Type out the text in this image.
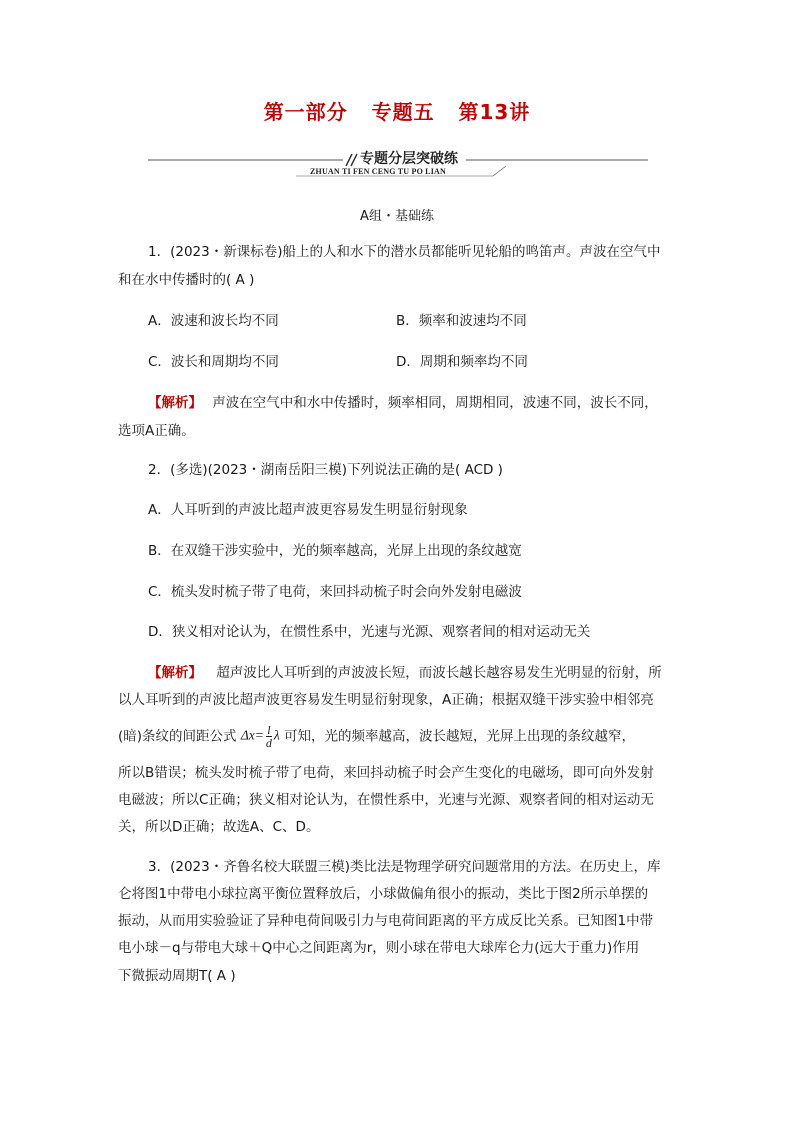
第一部分 专题五 第13讲
专题分层突破练
ZHUAN TI FEN CENG TU PO LIAN
A组・基础练
1．(2023・新课标卷)船上的人和水下的潜水员都能听见轮船的鸣笛声。声波在空气中
和在水中传播时的( A )
A．波速和波长均不同	B．频率和波速均不同
C．波长和周期均不同	D．周期和频率均不同
【解析】 声波在空气中和水中传播时，频率相同，周期相同，波速不同，波长不同，
选项A正确。
2．(多选)(2023・湖南岳阳三模)下列说法正确的是( ACD )
A．人耳听到的声波比超声波更容易发生明显衍射现象
B．在双缝干涉实验中，光的频率越高，光屏上出现的条纹越宽
C．梳头发时梳子带了电荷，来回抖动梳子时会向外发射电磁波
D．狭义相对论认为，在惯性系中，光速与光源、观察者间的相对运动无关
【解析】 超声波比人耳听到的声波波长短，而波长越长越容易发生光明显的衍射，所
以人耳听到的声波比超声波更容易发生明显衍射现象，A正确；根据双缝干涉实验中相邻亮
(暗)条纹的间距公式 $\Delta x= \frac{l}{d}$ λ 可知，光的频率越高，波长越短，光屏上出现的条纹越窄，
所以B错误；梳头发时梳子带了电荷，来回抖动梳子时会产生变化的电磁场，即可向外发射
电磁波；所以C正确；狭义相对论认为，在惯性系中，光速与光源、观察者间的相对运动无
关，所以D正确；故选A、C、D。
3．(2023・齐鲁名校大联盟三模)类比法是物理学研究问题常用的方法。在历史上，库
仑将图1中带电小球拉离平衡位置释放后，小球做偏角很小的振动，类比于图2所示单摆的
振动，从而用实验验证了异种电荷间吸引力与电荷间距离的平方成反比关系。已知图1中带
电小球－q与带电大球＋Q中心之间距离为r，则小球在带电大球库仑力(远大于重力)作用
下微振动周期T( A )
